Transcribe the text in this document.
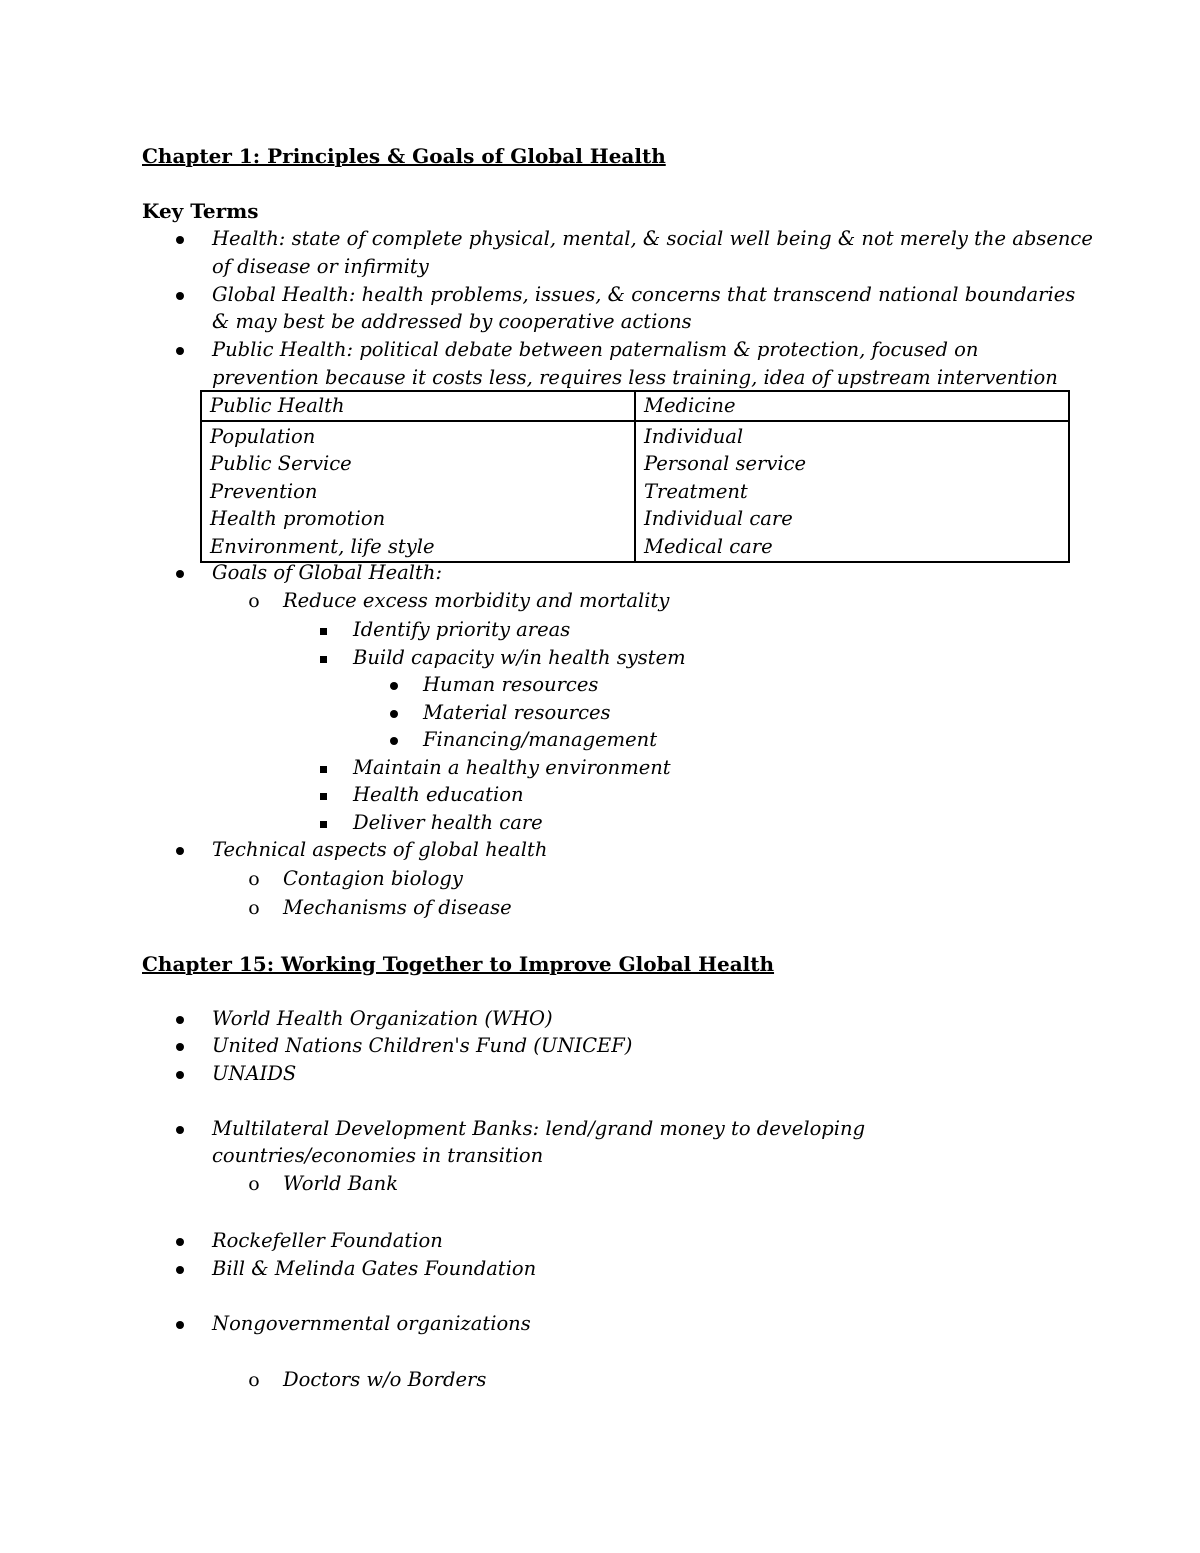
Chapter 1: Principles & Goals of Global Health
Key Terms
Health: state of complete physical, mental, & social well being & not merely the absence
of disease or infirmity
Global Health: health problems, issues, & concerns that transcend national boundaries
& may best be addressed by cooperative actions
Public Health: political debate between paternalism & protection, focused on
prevention because it costs less, requires less training, idea of upstream intervention
Public Health	Medicine
Population	Individual
Public Service	Personal service
Prevention	Treatment
Health promotion	Individual care
Environment, life style	Medical care
Goals of Global Health:
o Reduce excess morbidity and mortality
Identify priority areas
Build capacity w/in health system
Human resources
Material resources
Financing/management
Maintain a healthy environment
Health education
Deliver health care
Technical aspects of global health
o Contagion biology
o Mechanisms of disease
Chapter 15: Working Together to Improve Global Health
World Health Organization (WHO)
United Nations Children's Fund (UNICEF)
UNAIDS
Multilateral Development Banks: lend/grand money to developing
countries/economies in transition
o World Bank
Rockefeller Foundation
Bill & Melinda Gates Foundation
Nongovernmental organizations
o Doctors w/o Borders
